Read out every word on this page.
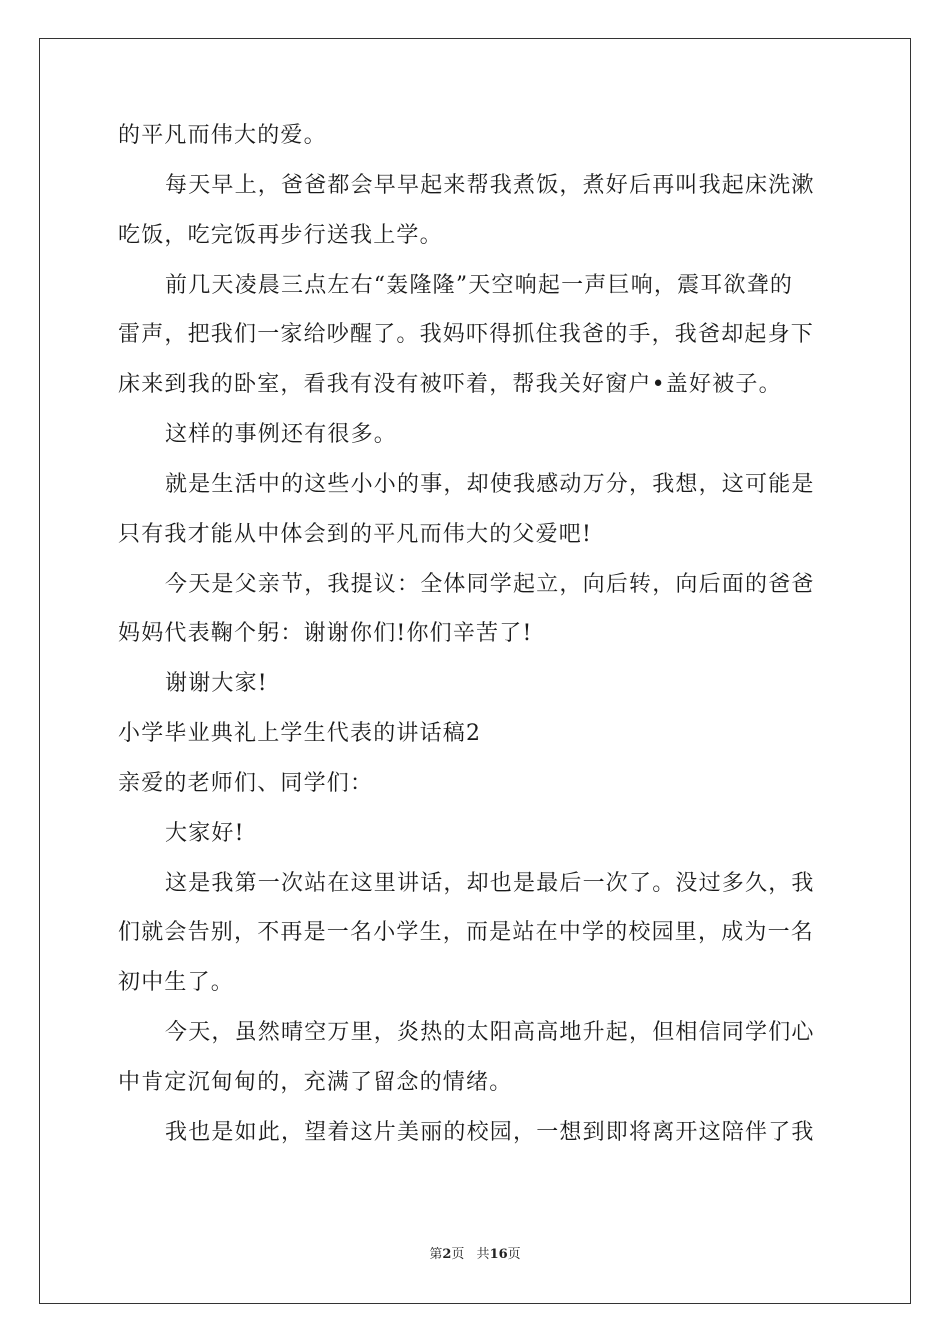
的平凡而伟大的爱。
每天早上，爸爸都会早早起来帮我煮饭，煮好后再叫我起床洗漱
吃饭，吃完饭再步行送我上学。
前几天凌晨三点左右“轰隆隆”天空响起一声巨响，震耳欲聋的
雷声，把我们一家给吵醒了。我妈吓得抓住我爸的手，我爸却起身下
床来到我的卧室，看我有没有被吓着，帮我关好窗户•盖好被子。
这样的事例还有很多。
就是生活中的这些小小的事，却使我感动万分，我想，这可能是
只有我才能从中体会到的平凡而伟大的父爱吧!
今天是父亲节，我提议：全体同学起立，向后转，向后面的爸爸
妈妈代表鞠个躬：谢谢你们!你们辛苦了!
谢谢大家!
小学毕业典礼上学生代表的讲话稿2
亲爱的老师们、同学们：
大家好!
这是我第一次站在这里讲话，却也是最后一次了。没过多久，我
们就会告别，不再是一名小学生，而是站在中学的校园里，成为一名
初中生了。
今天，虽然晴空万里，炎热的太阳高高地升起，但相信同学们心
中肯定沉甸甸的，充满了留念的情绪。
我也是如此，望着这片美丽的校园，一想到即将离开这陪伴了我
第2页 共16页
